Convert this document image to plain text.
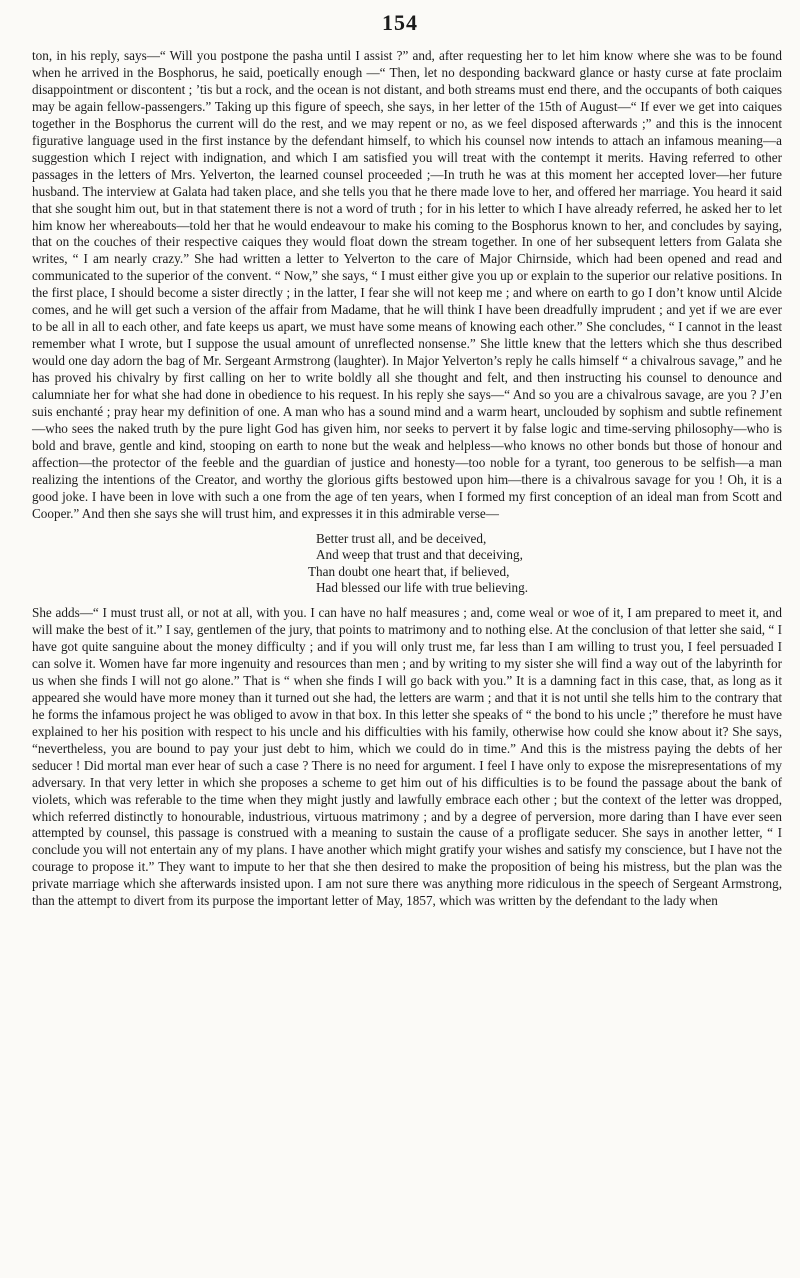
154

ton, in his reply, says—“ Will you postpone the pasha until I assist ?” and, after requesting her to let him know where she was to be found when he arrived in the Bosphorus, he said, poetically enough —“ Then, let no desponding backward glance or hasty curse at fate proclaim disappointment or discontent ; ’tis but a rock, and the ocean is not distant, and both streams must end there, and the occupants of both caiques may be again fellow-passengers.” Taking up this figure of speech, she says, in her letter of the 15th of August—“ If ever we get into caiques together in the Bosphorus the current will do the rest, and we may repent or no, as we feel disposed afterwards ;” and this is the innocent figurative language used in the first instance by the defendant himself, to which his counsel now intends to attach an infamous meaning—a suggestion which I reject with indignation, and which I am satisfied you will treat with the contempt it merits. Having referred to other passages in the letters of Mrs. Yelverton, the learned counsel proceeded ;—In truth he was at this moment her accepted lover—her future husband. The interview at Galata had taken place, and she tells you that he there made love to her, and offered her marriage. You heard it said that she sought him out, but in that statement there is not a word of truth ; for in his letter to which I have already referred, he asked her to let him know her whereabouts—told her that he would endeavour to make his coming to the Bosphorus known to her, and concludes by saying, that on the couches of their respective caiques they would float down the stream together. In one of her subsequent letters from Galata she writes, “ I am nearly crazy.” She had written a letter to Yelverton to the care of Major Chirnside, which had been opened and read and communicated to the superior of the convent. “ Now,” she says, “ I must either give you up or explain to the superior our relative positions. In the first place, I should become a sister directly ; in the latter, I fear she will not keep me ; and where on earth to go I don’t know until Alcide comes, and he will get such a version of the affair from Madame, that he will think I have been dreadfully imprudent ; and yet if we are ever to be all in all to each other, and fate keeps us apart, we must have some means of knowing each other.” She concludes, “ I cannot in the least remember what I wrote, but I suppose the usual amount of unreflected nonsense.” She little knew that the letters which she thus described would one day adorn the bag of Mr. Sergeant Armstrong (laughter). In Major Yelverton’s reply he calls himself “ a chivalrous savage,” and he has proved his chivalry by first calling on her to write boldly all she thought and felt, and then instructing his counsel to denounce and calumniate her for what she had done in obedience to his request. In his reply she says—“ And so you are a chivalrous savage, are you ? J’en suis enchanté ; pray hear my definition of one. A man who has a sound mind and a warm heart, unclouded by sophism and subtle refinement—who sees the naked truth by the pure light God has given him, nor seeks to pervert it by false logic and time-serving philosophy—who is bold and brave, gentle and kind, stooping on earth to none but the weak and helpless—who knows no other bonds but those of honour and affection—the protector of the feeble and the guardian of justice and honesty—too noble for a tyrant, too generous to be selfish—a man realizing the intentions of the Creator, and worthy the glorious gifts bestowed upon him—there is a chivalrous savage for you ! Oh, it is a good joke. I have been in love with such a one from the age of ten years, when I formed my first conception of an ideal man from Scott and Cooper.” And then she says she will trust him, and expresses it in this admirable verse—

Better trust all, and be deceived,
And weep that trust and that deceiving,
Than doubt one heart that, if believed,
Had blessed our life with true believing.

She adds—“ I must trust all, or not at all, with you. I can have no half measures ; and, come weal or woe of it, I am prepared to meet it, and will make the best of it.” I say, gentlemen of the jury, that points to matrimony and to nothing else. At the conclusion of that letter she said, “ I have got quite sanguine about the money difficulty ; and if you will only trust me, far less than I am willing to trust you, I feel persuaded I can solve it. Women have far more ingenuity and resources than men ; and by writing to my sister she will find a way out of the labyrinth for us when she finds I will not go alone.” That is “ when she finds I will go back with you.” It is a damning fact in this case, that, as long as it appeared she would have more money than it turned out she had, the letters are warm ; and that it is not until she tells him to the contrary that he forms the infamous project he was obliged to avow in that box. In this letter she speaks of “ the bond to his uncle ;” therefore he must have explained to her his position with respect to his uncle and his difficulties with his family, otherwise how could she know about it? She says, “nevertheless, you are bound to pay your just debt to him, which we could do in time.” And this is the mistress paying the debts of her seducer ! Did mortal man ever hear of such a case ? There is no need for argument. I feel I have only to expose the misrepresentations of my adversary. In that very letter in which she proposes a scheme to get him out of his difficulties is to be found the passage about the bank of violets, which was referable to the time when they might justly and lawfully embrace each other ; but the context of the letter was dropped, which referred distinctly to honourable, industrious, virtuous matrimony ; and by a degree of perversion, more daring than I have ever seen attempted by counsel, this passage is construed with a meaning to sustain the cause of a profligate seducer. She says in another letter, “ I conclude you will not entertain any of my plans. I have another which might gratify your wishes and satisfy my conscience, but I have not the courage to propose it.” They want to impute to her that she then desired to make the proposition of being his mistress, but the plan was the private marriage which she afterwards insisted upon. I am not sure there was anything more ridiculous in the speech of Sergeant Armstrong, than the attempt to divert from its purpose the important letter of May, 1857, which was written by the defendant to the lady when
